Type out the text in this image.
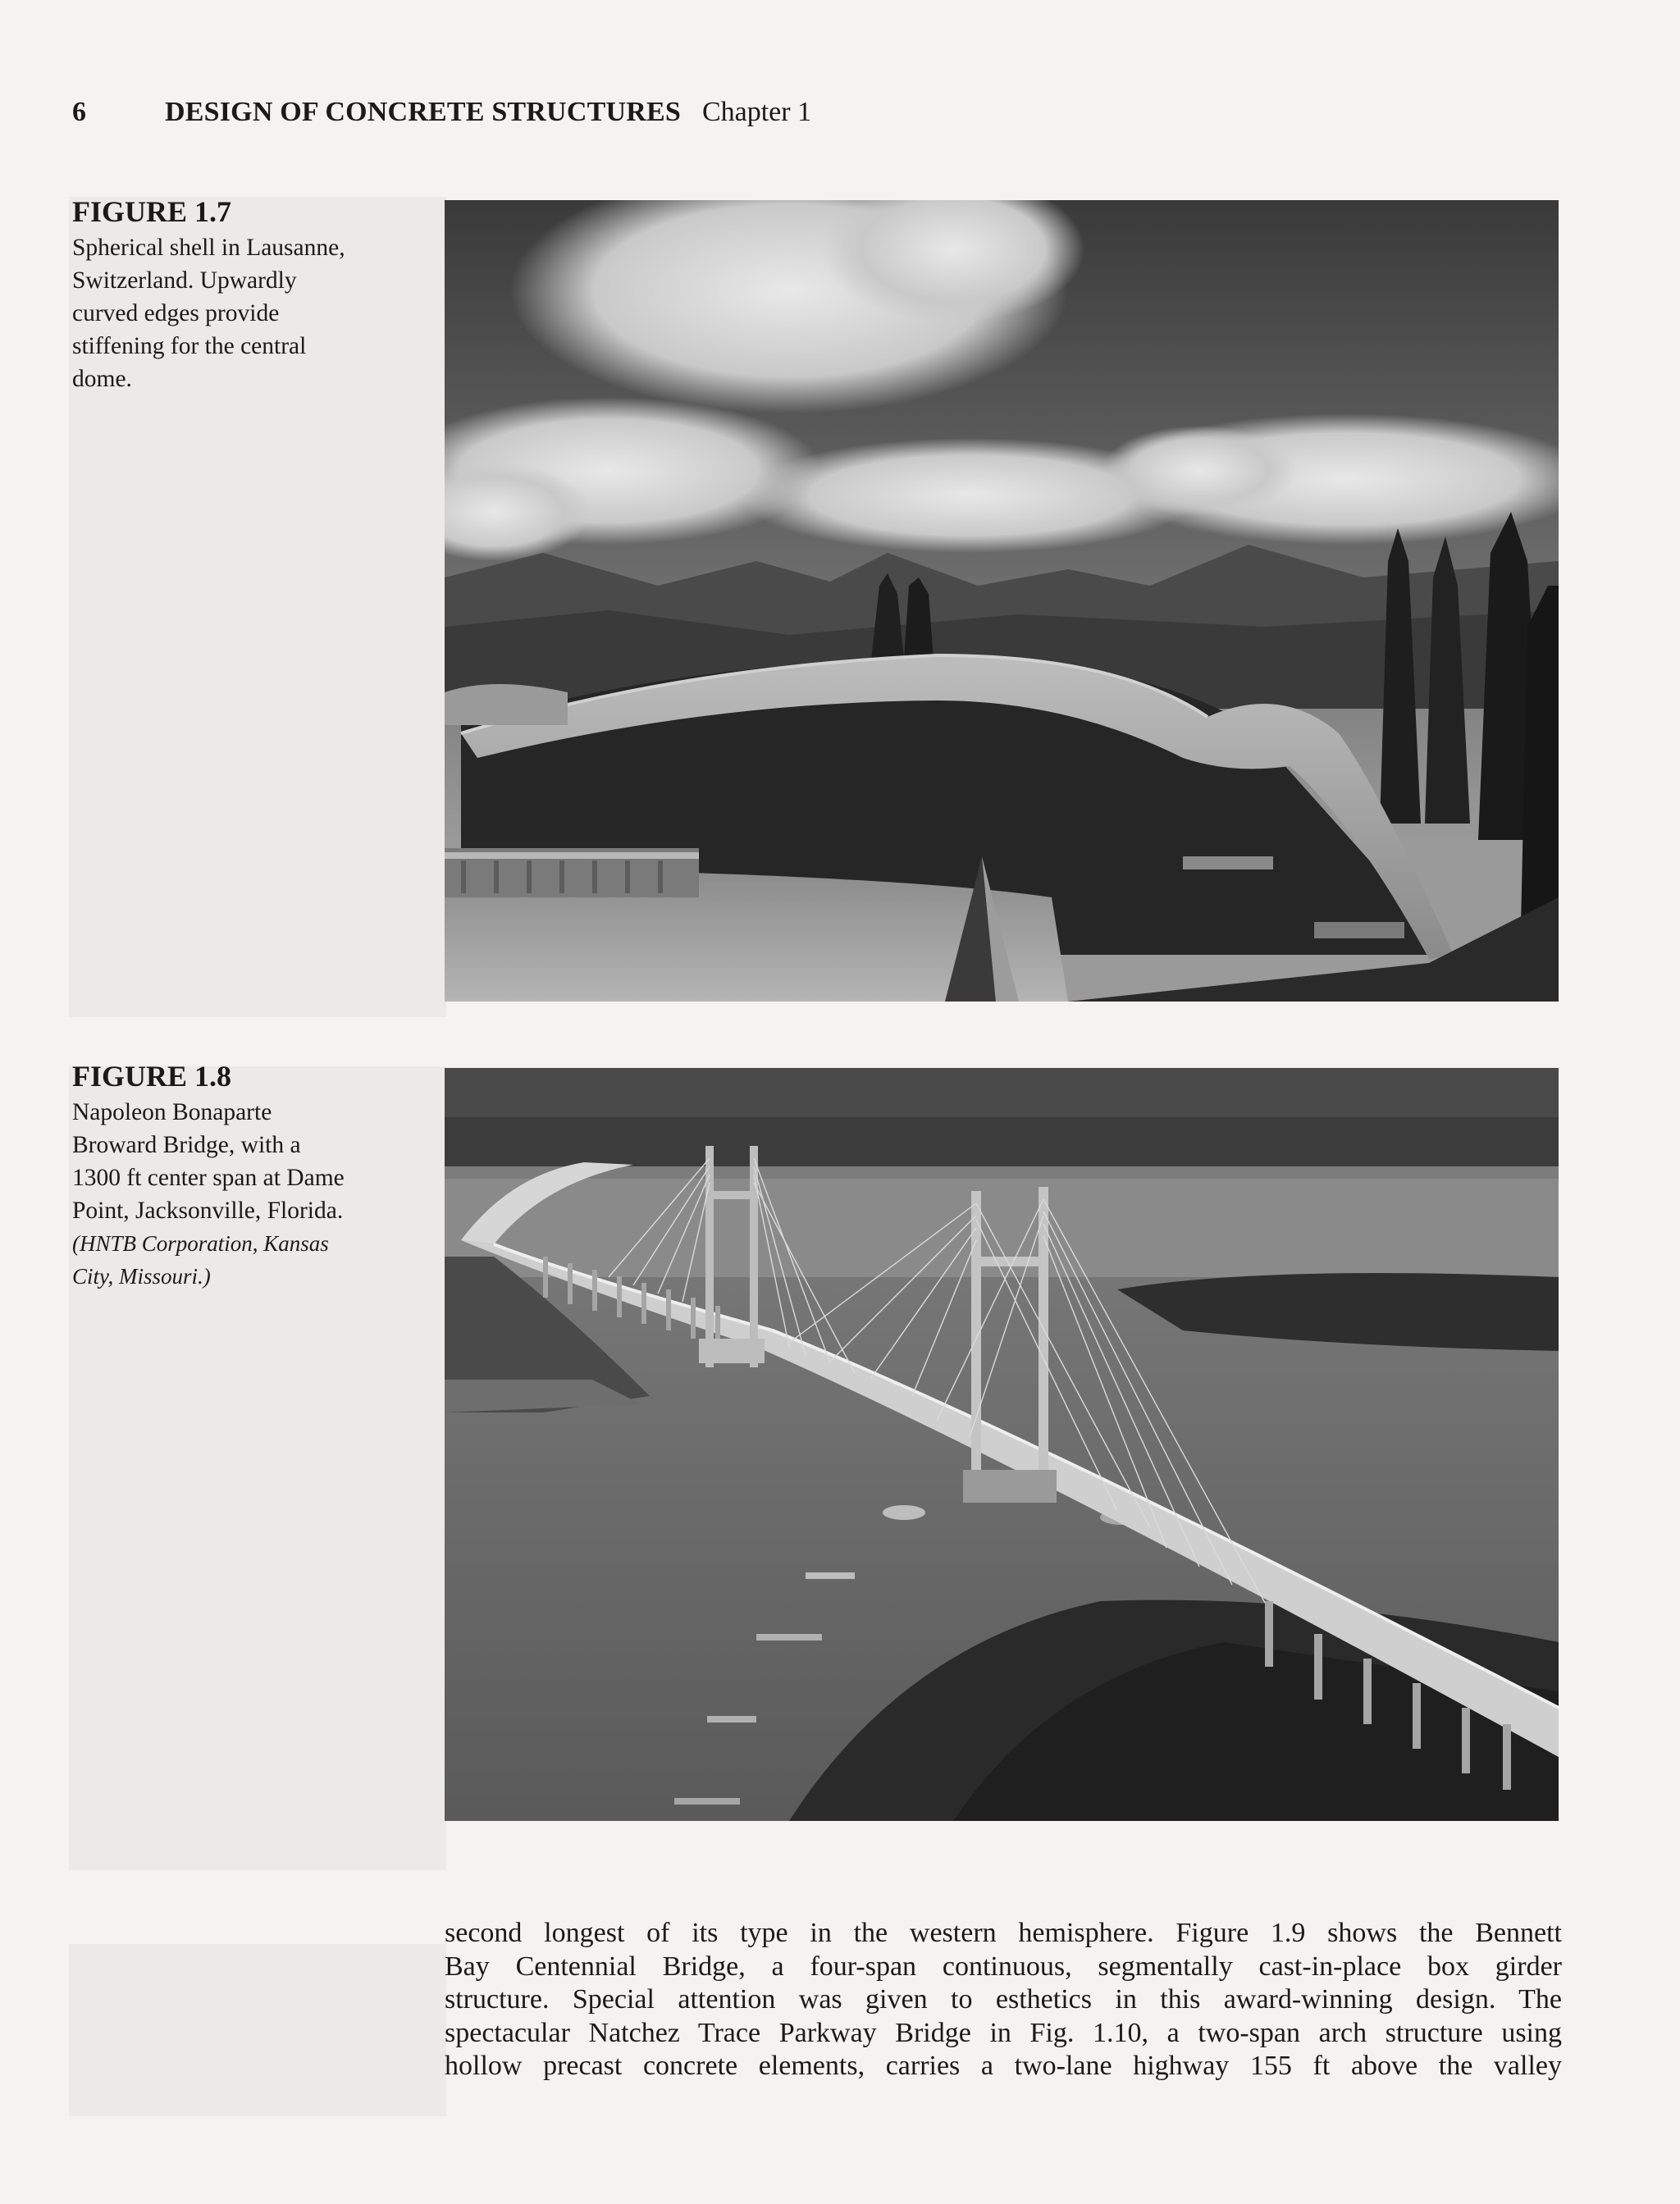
6	DESIGN OF CONCRETE STRUCTURES Chapter 1
FIGURE 1.7
Spherical shell in Lausanne,
Switzerland. Upwardly
curved edges provide
stiffening for the central
dome.
FIGURE 1.8
Napoleon Bonaparte
Broward Bridge, with a
1300 ft center span at Dame
Point, Jacksonville, Florida.
(HNTB Corporation, Kansas
City, Missouri.)
second longest of its type in the western hemisphere. Figure 1.9 shows the Bennett
Bay Centennial Bridge, a four-span continuous, segmentally cast-in-place box girder
structure. Special attention was given to esthetics in this award-winning design. The
spectacular Natchez Trace Parkway Bridge in Fig. 1.10, a two-span arch structure using
hollow precast concrete elements, carries a two-lane highway 155 ft above the valley
